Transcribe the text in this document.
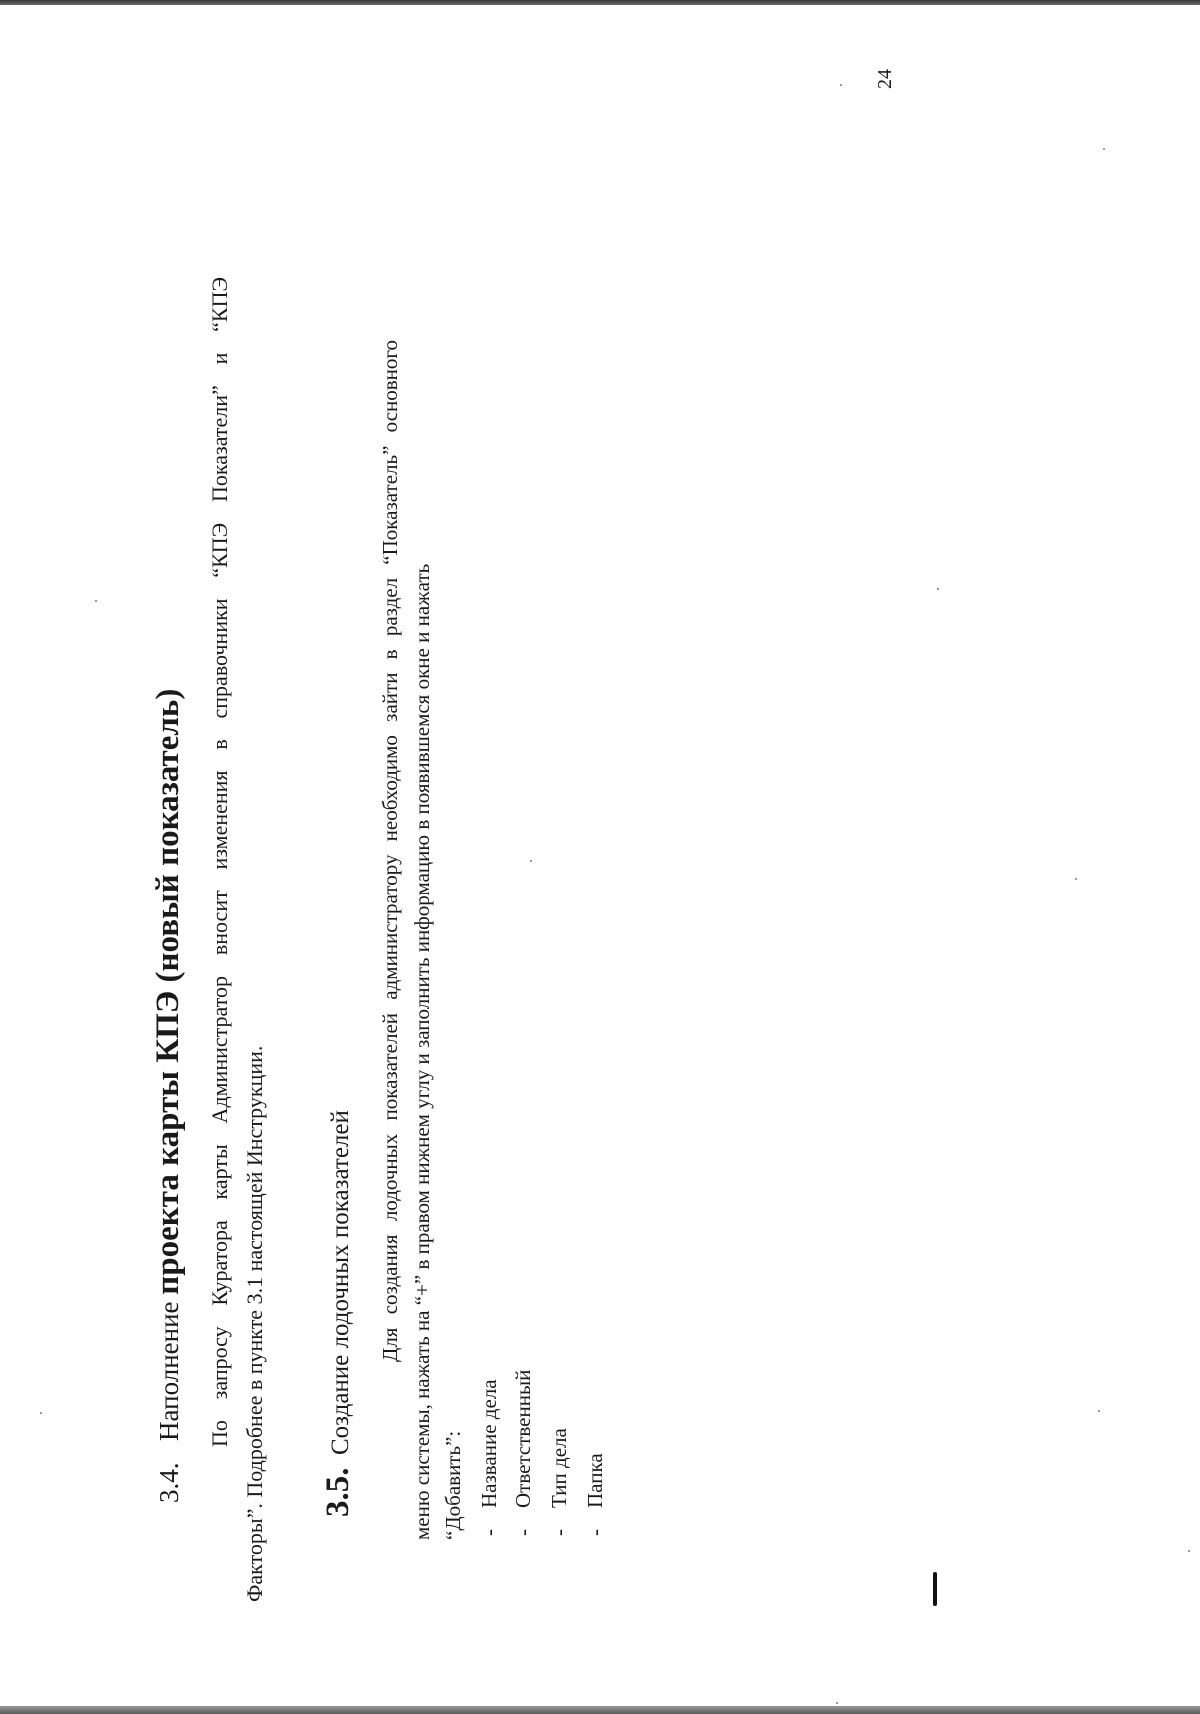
3.4.Наполнение проекта карты КПЭ (новый показатель) По запросу Куратора карты Администратор вносит изменения в справочники “КПЭ Показатели” и “КПЭ Факторы”. Подробнее в пункте 3.1 настоящей Инструкции. 3.5.Создание лодочных показателей Для создания лодочных показателей администратору необходимо зайти в раздел “Показатель” основного меню системы, нажать на “+” в правом нижнем углу и заполнить информацию в появившемся окне и нажать “Добавить”: -Название дела
-Ответственный
-Тип дела
-Папка
24
